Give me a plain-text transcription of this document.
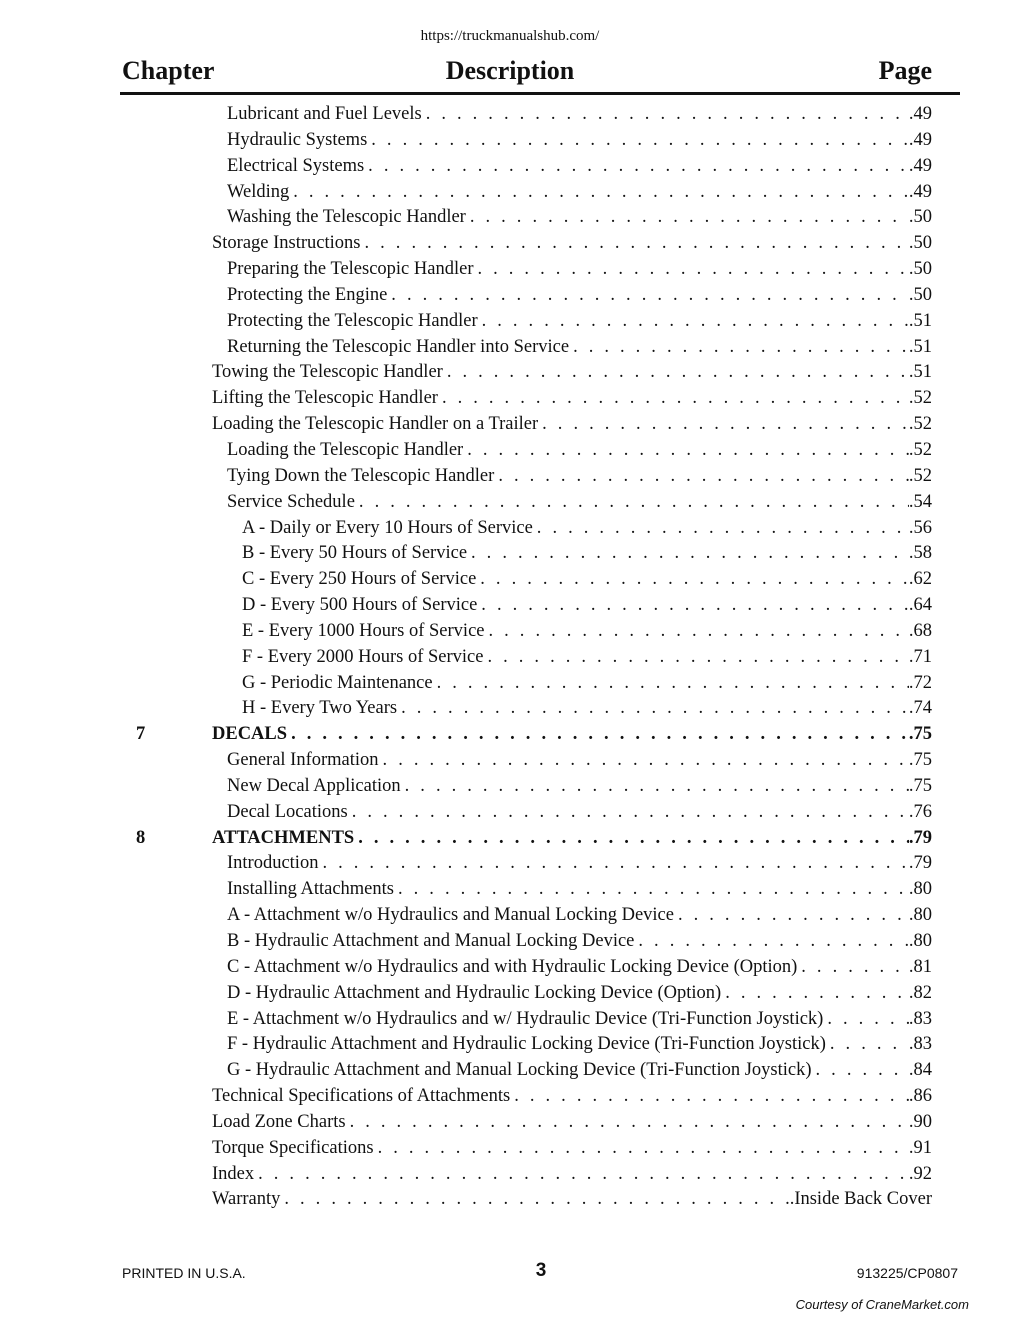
https://truckmanualshub.com/
Chapter	Description	Page
Lubricant and Fuel Levels . . .	.49
Hydraulic Systems . . .	.49
Electrical Systems . . .	.49
Welding . . .	.49
Washing the Telescopic Handler . . .	.50
Storage Instructions . . .	.50
Preparing the Telescopic Handler . . .	.50
Protecting the Engine . . .	.50
Protecting the Telescopic Handler . . .	.51
Returning the Telescopic Handler into Service . . .	.51
Towing the Telescopic Handler . . .	.51
Lifting the Telescopic Handler . . .	.52
Loading the Telescopic Handler on a Trailer . . .	.52
Loading the Telescopic Handler . . .	.52
Tying Down the Telescopic Handler . . .	.52
Service Schedule . . .	.54
A - Daily or Every 10 Hours of Service . . .	.56
B - Every 50 Hours of Service . . .	.58
C - Every 250 Hours of Service . . .	.62
D - Every 500 Hours of Service . . .	.64
E - Every 1000 Hours of Service . . .	.68
F - Every 2000 Hours of Service . . .	.71
G - Periodic Maintenance . . .	.72
H - Every Two Years . . .	.74
7	DECALS . . .	.75
General Information . . .	.75
New Decal Application . . .	.75
Decal Locations . . .	.76
8	ATTACHMENTS . . .	.79
Introduction . . .	.79
Installing Attachments . . .	.80
A - Attachment w/o Hydraulics and Manual Locking Device . . .	.80
B - Hydraulic Attachment and Manual Locking Device . . .	.80
C - Attachment w/o Hydraulics and with Hydraulic Locking Device (Option) . . .	.81
D - Hydraulic Attachment and Hydraulic Locking Device (Option) . . .	.82
E - Attachment w/o Hydraulics and w/ Hydraulic Device (Tri-Function Joystick) . . .	.83
F - Hydraulic Attachment and Hydraulic Locking Device (Tri-Function Joystick) . . .	.83
G - Hydraulic Attachment and Manual Locking Device (Tri-Function Joystick) . . .	.84
Technical Specifications of Attachments . . .	.86
Load Zone Charts . . .	.90
Torque Specifications . . .	.91
Index . . .	.92
Warranty . . .	.Inside Back Cover
PRINTED IN U.S.A.	3	913225/CP0807
Courtesy of CraneMarket.com
